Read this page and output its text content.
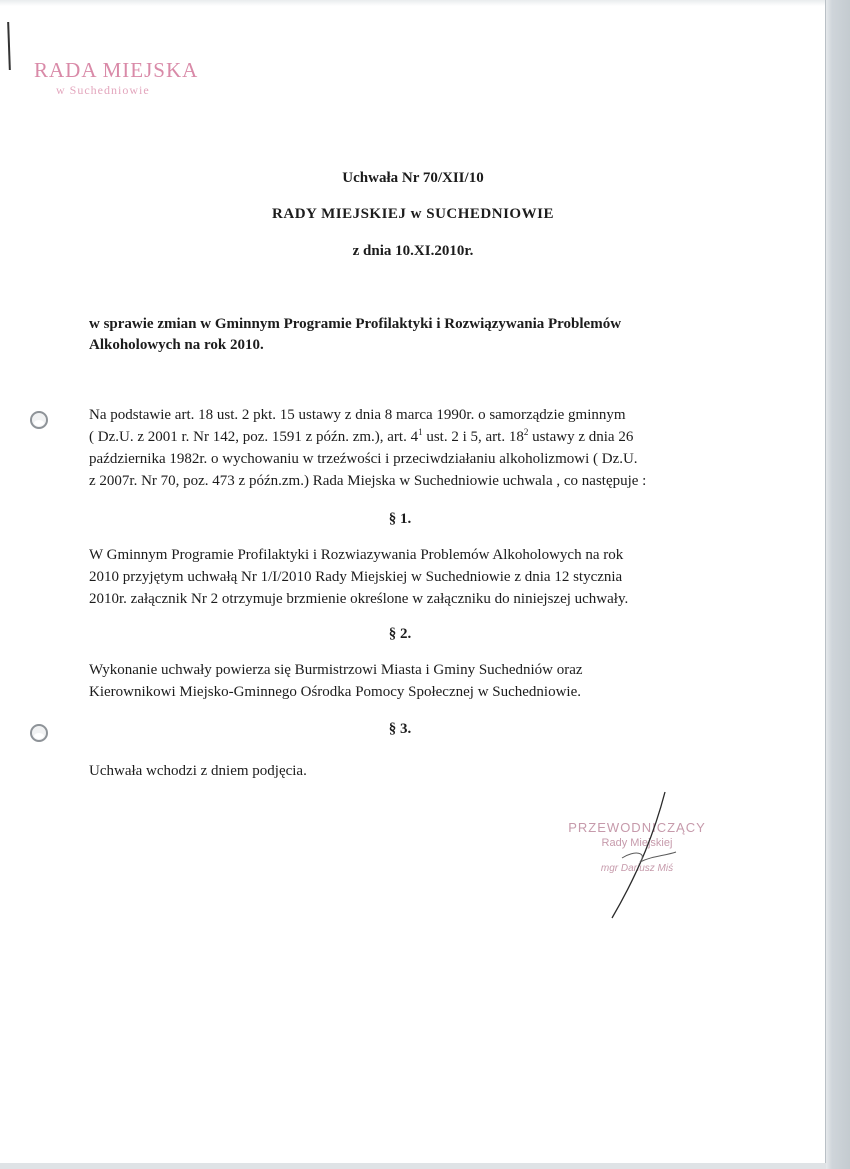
RADA MIEJSKA
w Suchedniowie
Uchwała Nr 70/XII/10
RADY MIEJSKIEJ w SUCHEDNIOWIE
z dnia 10.XI.2010r.
w sprawie zmian w Gminnym Programie Profilaktyki i Rozwiązywania Problemów
Alkoholowych na rok 2010.
Na podstawie art. 18 ust. 2 pkt. 15 ustawy z dnia 8 marca 1990r. o samorządzie gminnym
( Dz.U. z 2001 r. Nr 142, poz. 1591 z późn. zm.), art. $4^1$ ust. 2 i 5, art. $18^2$ ustawy z dnia 26
października 1982r. o wychowaniu w trzeźwości i przeciwdziałaniu alkoholizmowi ( Dz.U.
z 2007r. Nr 70, poz. 473 z późn.zm.) Rada Miejska w Suchedniowie uchwala , co następuje :
§ 1.
W Gminnym Programie Profilaktyki i Rozwiazywania Problemów Alkoholowych na rok
2010 przyjętym uchwałą Nr 1/I/2010 Rady Miejskiej w Suchedniowie z dnia 12 stycznia
2010r. załącznik Nr 2 otrzymuje brzmienie określone w załączniku do niniejszej uchwały.
§ 2.
Wykonanie uchwały powierza się Burmistrzowi Miasta i Gminy Suchedniów oraz
Kierownikowi Miejsko-Gminnego Ośrodka Pomocy Społecznej w Suchedniowie.
§ 3.
Uchwała wchodzi z dniem podjęcia.
PRZEWODNICZĄCY
Rady Miejskiej
mgr Dariusz Miś
